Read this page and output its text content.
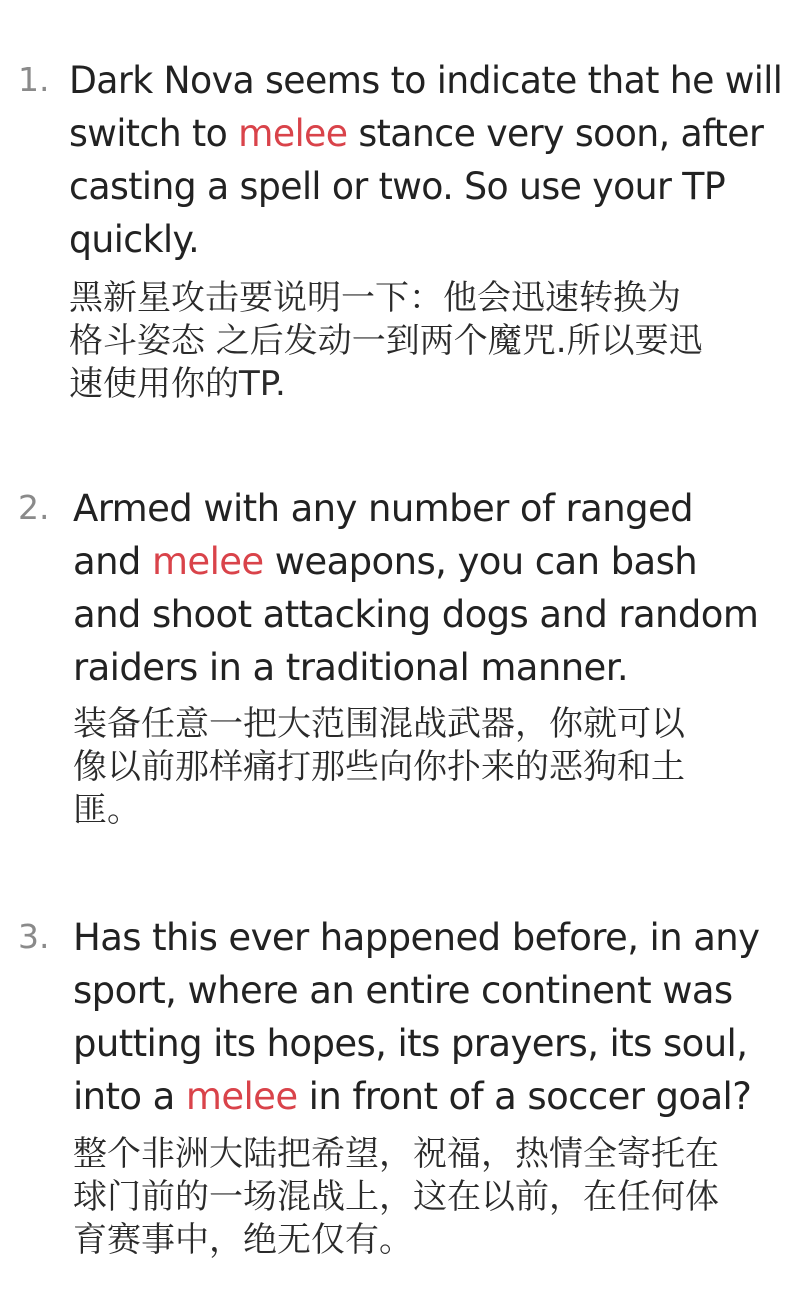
1. Dark Nova seems to indicate that he will
switch to melee stance very soon, after
casting a spell or two. So use your TP
quickly.
黑新星攻击要说明一下：他会迅速转换为
格斗姿态 之后发动一到两个魔咒.所以要迅
速使用你的TP.
2. Armed with any number of ranged
and melee weapons, you can bash
and shoot attacking dogs and random
raiders in a traditional manner.
装备任意一把大范围混战武器，你就可以
像以前那样痛打那些向你扑来的恶狗和土
匪。
3. Has this ever happened before, in any
sport, where an entire continent was
putting its hopes, its prayers, its soul,
into a melee in front of a soccer goal?
整个非洲大陆把希望，祝福，热情全寄托在
球门前的一场混战上，这在以前，在任何体
育赛事中，绝无仅有。
